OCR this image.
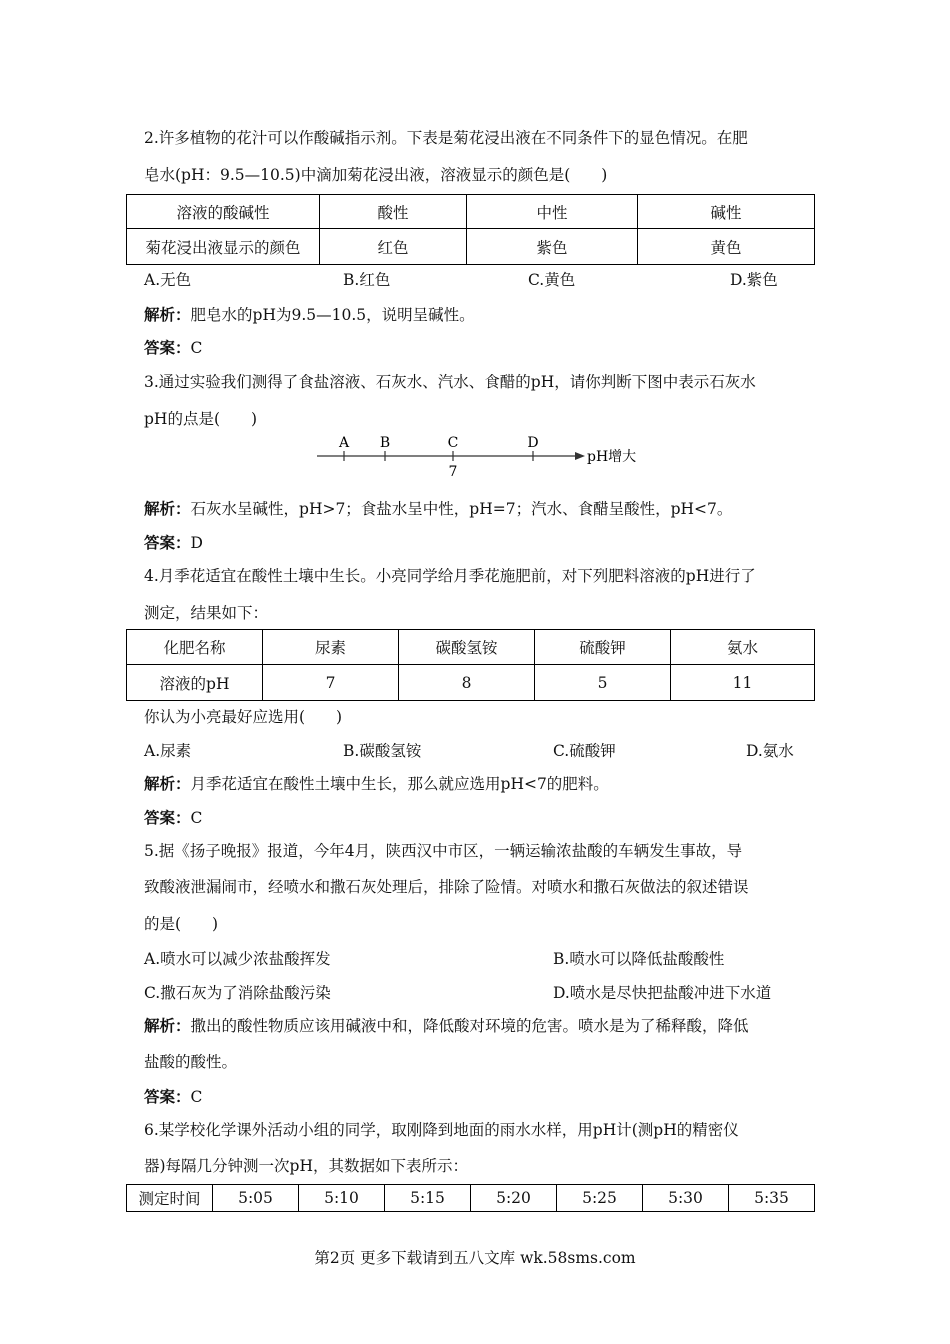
2.许多植物的花汁可以作酸碱指示剂。下表是菊花浸出液在不同条件下的显色情况。在肥
皂水(pH：9.5—10.5)中滴加菊花浸出液，溶液显示的颜色是(　　)
溶液的酸碱性	酸性	中性	碱性
菊花浸出液显示的颜色	红色	紫色	黄色
A.无色	B.红色	C.黄色	D.紫色
解析：肥皂水的pH为9.5—10.5，说明呈碱性。
答案：C
3.通过实验我们测得了食盐溶液、石灰水、汽水、食醋的pH，请你判断下图中表示石灰水
pH的点是(　　)
A B	C	D
7
pH增大
解析：石灰水呈碱性，pH>7；食盐水呈中性，pH=7；汽水、食醋呈酸性，pH<7。
答案：D
4.月季花适宜在酸性土壤中生长。小亮同学给月季花施肥前，对下列肥料溶液的pH进行了
测定，结果如下：
化肥名称	尿素	碳酸氢铵	硫酸钾	氨水
溶液的pH	7	8	5	11
你认为小亮最好应选用(　　)
A.尿素	B.碳酸氢铵	C.硫酸钾	D.氨水
解析：月季花适宜在酸性土壤中生长，那么就应选用pH<7的肥料。
答案：C
5.据《扬子晚报》报道，今年4月，陕西汉中市区，一辆运输浓盐酸的车辆发生事故，导
致酸液泄漏闹市，经喷水和撒石灰处理后，排除了险情。对喷水和撒石灰做法的叙述错误
的是(　　)
A.喷水可以减少浓盐酸挥发	B.喷水可以降低盐酸酸性
C.撒石灰为了消除盐酸污染	D.喷水是尽快把盐酸冲进下水道
解析：撒出的酸性物质应该用碱液中和，降低酸对环境的危害。喷水是为了稀释酸，降低
盐酸的酸性。
答案：C
6.某学校化学课外活动小组的同学，取刚降到地面的雨水水样，用pH计(测pH的精密仪
器)每隔几分钟测一次pH，其数据如下表所示：
测定时间	5:05	5:10	5:15	5:20	5:25	5:30	5:35
第2页 更多下载请到五八文库 wk.58sms.com
